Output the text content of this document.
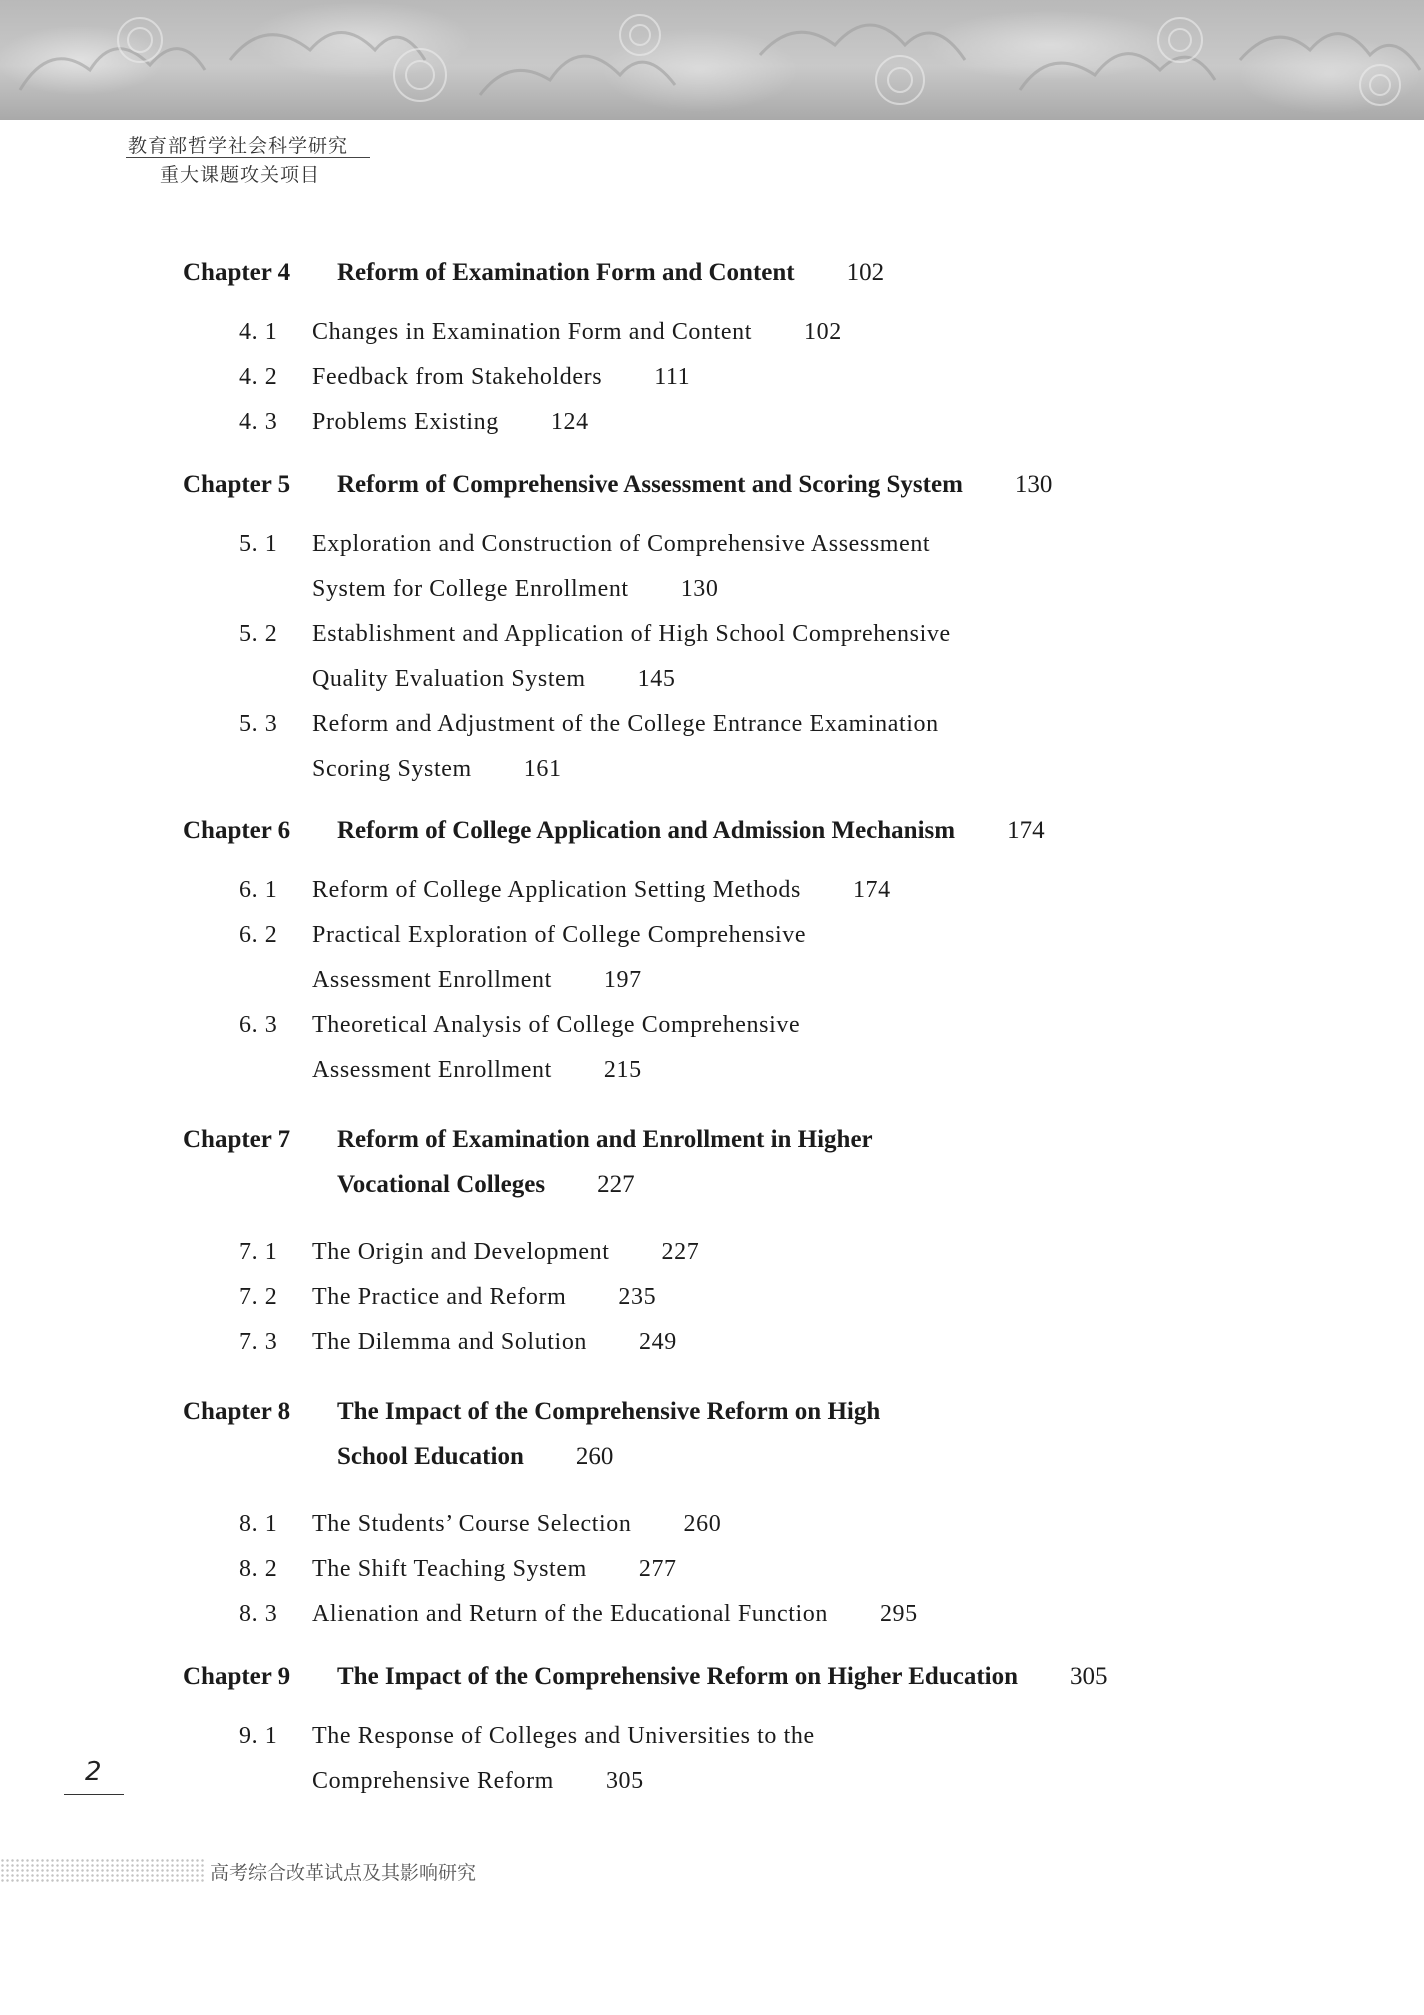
教育部哲学社会科学研究
重大课题攻关项目
Chapter 4 Reform of Examination Form and Content 102
4. 1 Changes in Examination Form and Content 102
4. 2 Feedback from Stakeholders 111
4. 3 Problems Existing 124
Chapter 5 Reform of Comprehensive Assessment and Scoring System 130
5. 1 Exploration and Construction of Comprehensive Assessment
System for College Enrollment 130
5. 2 Establishment and Application of High School Comprehensive
Quality Evaluation System 145
5. 3 Reform and Adjustment of the College Entrance Examination
Scoring System 161
Chapter 6 Reform of College Application and Admission Mechanism 174
6. 1 Reform of College Application Setting Methods 174
6. 2 Practical Exploration of College Comprehensive
Assessment Enrollment 197
6. 3 Theoretical Analysis of College Comprehensive
Assessment Enrollment 215
Chapter 7 Reform of Examination and Enrollment in Higher
Vocational Colleges 227
7. 1 The Origin and Development 227
7. 2 The Practice and Reform 235
7. 3 The Dilemma and Solution 249
Chapter 8 The Impact of the Comprehensive Reform on High
School Education 260
8. 1 The Students’ Course Selection 260
8. 2 The Shift Teaching System 277
8. 3 Alienation and Return of the Educational Function 295
Chapter 9 The Impact of the Comprehensive Reform on Higher Education 305
9. 1 The Response of Colleges and Universities to the
Comprehensive Reform 305
2
高考综合改革试点及其影响研究
